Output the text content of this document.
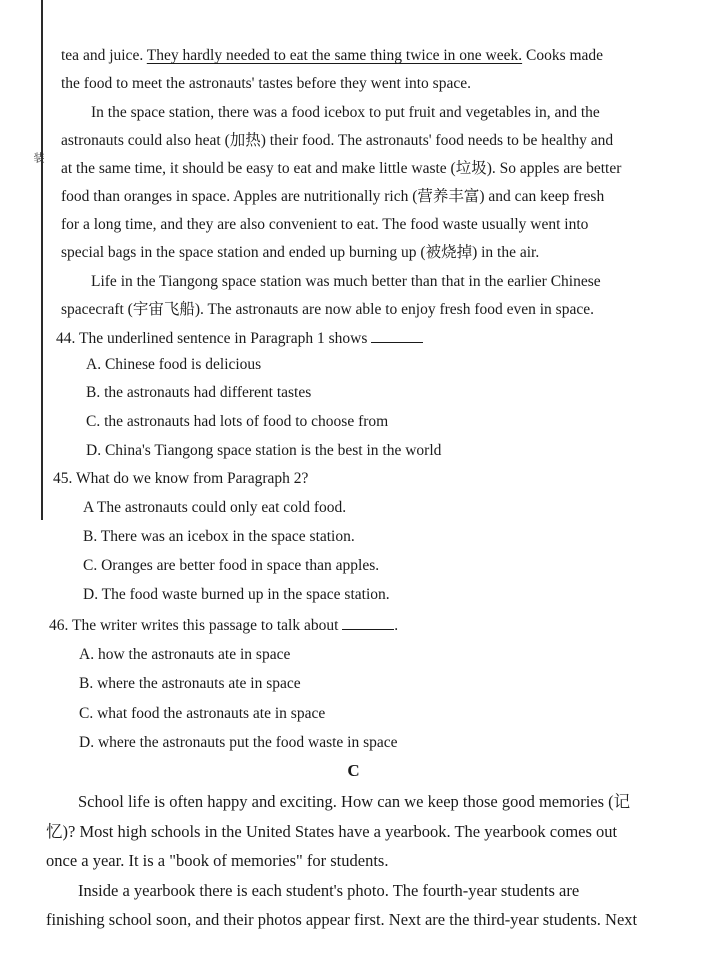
装
tea and juice. They hardly needed to eat the same thing twice in one week. Cooks made
the food to meet the astronauts' tastes before they went into space.
In the space station, there was a food icebox to put fruit and vegetables in, and the
astronauts could also heat (加热) their food. The astronauts' food needs to be healthy and
at the same time, it should be easy to eat and make little waste (垃圾). So apples are better
food than oranges in space. Apples are nutritionally rich (营养丰富) and can keep fresh
for a long time, and they are also convenient to eat. The food waste usually went into
special bags in the space station and ended up burning up (被烧掉) in the air.
Life in the Tiangong space station was much better than that in the earlier Chinese
spacecraft (宇宙飞船). The astronauts are now able to enjoy fresh food even in space.
44. The underlined sentence in Paragraph 1 shows
A. Chinese food is delicious
B. the astronauts had different tastes
C. the astronauts had lots of food to choose from
D. China's Tiangong space station is the best in the world
45. What do we know from Paragraph 2?
A The astronauts could only eat cold food.
B. There was an icebox in the space station.
C. Oranges are better food in space than apples.
D. The food waste burned up in the space station.
46. The writer writes this passage to talk about	.
A. how the astronauts ate in space
B. where the astronauts ate in space
C. what food the astronauts ate in space
D. where the astronauts put the food waste in space
C
School life is often happy and exciting. How can we keep those good memories (记
忆)? Most high schools in the United States have a yearbook. The yearbook comes out
once a year. It is a "book of memories" for students.
Inside a yearbook there is each student's photo. The fourth-year students are
finishing school soon, and their photos appear first. Next are the third-year students. Next
